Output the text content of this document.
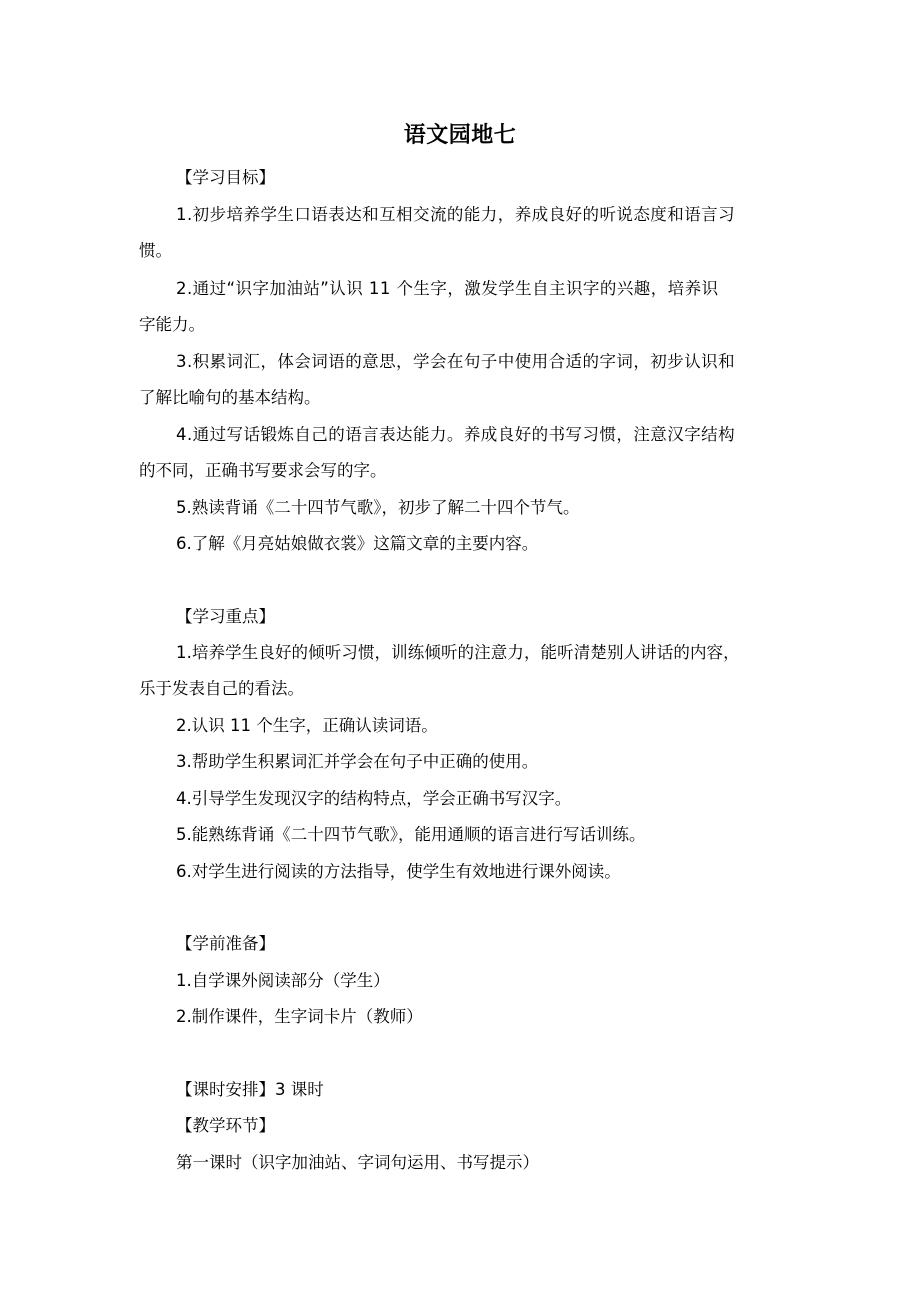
语文园地七
【学习目标】
1.初步培养学生口语表达和互相交流的能力，养成良好的听说态度和语言习
惯。
2.通过“识字加油站”认识 11 个生字，激发学生自主识字的兴趣，培养识
字能力。
3.积累词汇，体会词语的意思，学会在句子中使用合适的字词，初步认识和
了解比喻句的基本结构。
4.通过写话锻炼自己的语言表达能力。养成良好的书写习惯，注意汉字结构
的不同，正确书写要求会写的字。
5.熟读背诵《二十四节气歌》，初步了解二十四个节气。
6.了解《月亮姑娘做衣裳》这篇文章的主要内容。
【学习重点】
1.培养学生良好的倾听习惯，训练倾听的注意力，能听清楚别人讲话的内容，
乐于发表自己的看法。
2.认识 11 个生字，正确认读词语。
3.帮助学生积累词汇并学会在句子中正确的使用。
4.引导学生发现汉字的结构特点，学会正确书写汉字。
5.能熟练背诵《二十四节气歌》，能用通顺的语言进行写话训练。
6.对学生进行阅读的方法指导，使学生有效地进行课外阅读。
【学前准备】
1.自学课外阅读部分（学生）
2.制作课件，生字词卡片（教师）
【课时安排】3 课时
【教学环节】
第一课时（识字加油站、字词句运用、书写提示）
